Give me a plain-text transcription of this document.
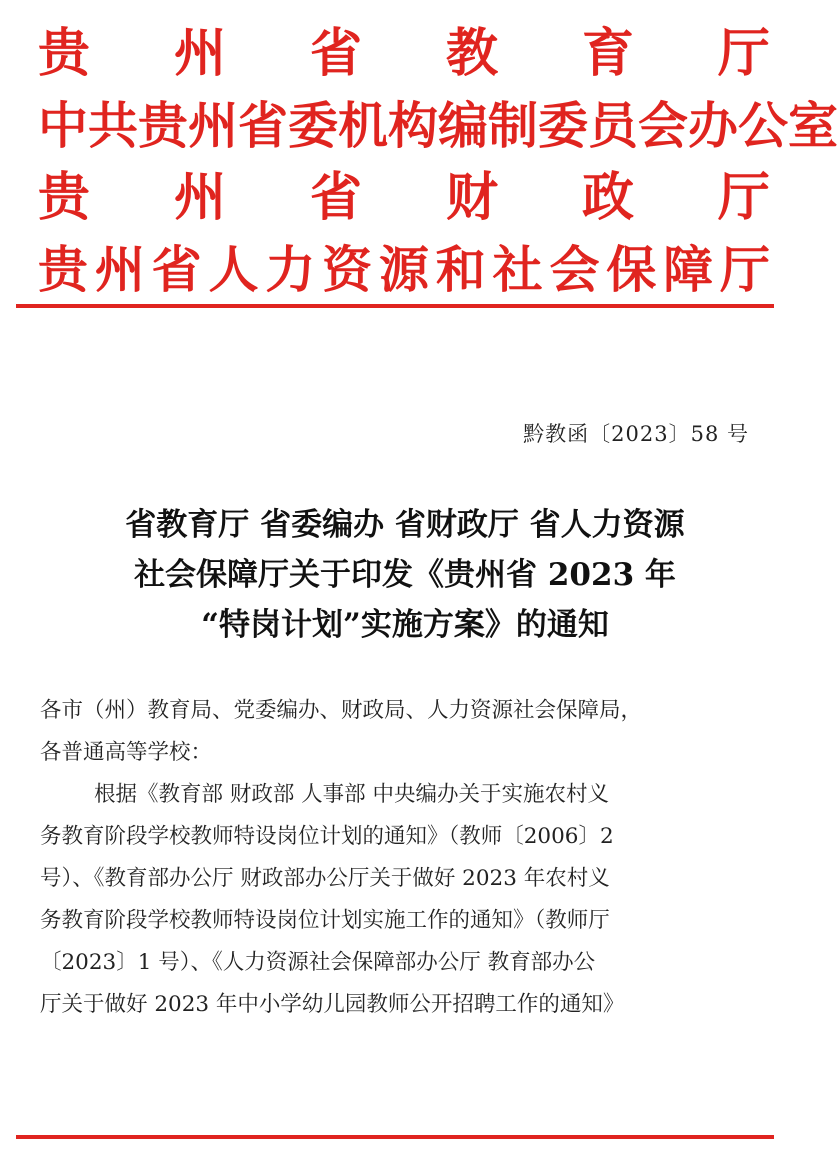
贵 州 省 教 育 厅
中 共 贵 州 省 委 机 构 编 制 委 员 会 办 公 室
贵 州 省 财 政 厅
贵 州 省 人 力 资 源 和 社 会 保 障 厅
黔教函〔2023〕58 号
省教育厅 省委编办 省财政厅 省人力资源
社会保障厅关于印发《贵州省 2023 年
“特岗计划”实施方案》的通知
各市（州）教育局、党委编办、财政局、人力资源社会保障局，
各普通高等学校：
根据《教育部 财政部 人事部 中央编办关于实施农村义
务教育阶段学校教师特设岗位计划的通知》（教师〔2006〕2
号）、《教育部办公厅 财政部办公厅关于做好 2023 年农村义
务教育阶段学校教师特设岗位计划实施工作的通知》（教师厅
〔2023〕1 号）、《人力资源社会保障部办公厅 教育部办公
厅关于做好 2023 年中小学幼儿园教师公开招聘工作的通知》
